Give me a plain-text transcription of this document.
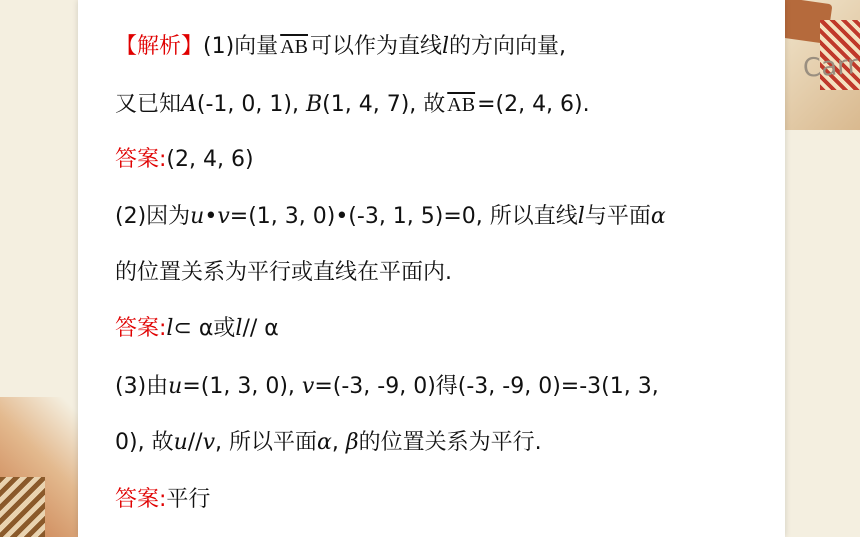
Carr
【解析】(1)向量 $\overline{AB}$可以作为直线l的方向向量,
又已知A(-1, 0, 1), B(1, 4, 7), 故 $\overline{AB}=(2$, 4, 6).
答案:(2, 4, 6)
(2)因为u•v=(1, 3, 0)•(-3, 1, 5)=0, 所以直线l与平面α
的位置关系为平行或直线在平面内.
答案:l⊂ α或l// α
(3)由u=(1, 3, 0), v=(-3, -9, 0)得(-3, -9, 0)=-3(1, 3,
0), 故u//v, 所以平面α, β的位置关系为平行.
答案:平行
